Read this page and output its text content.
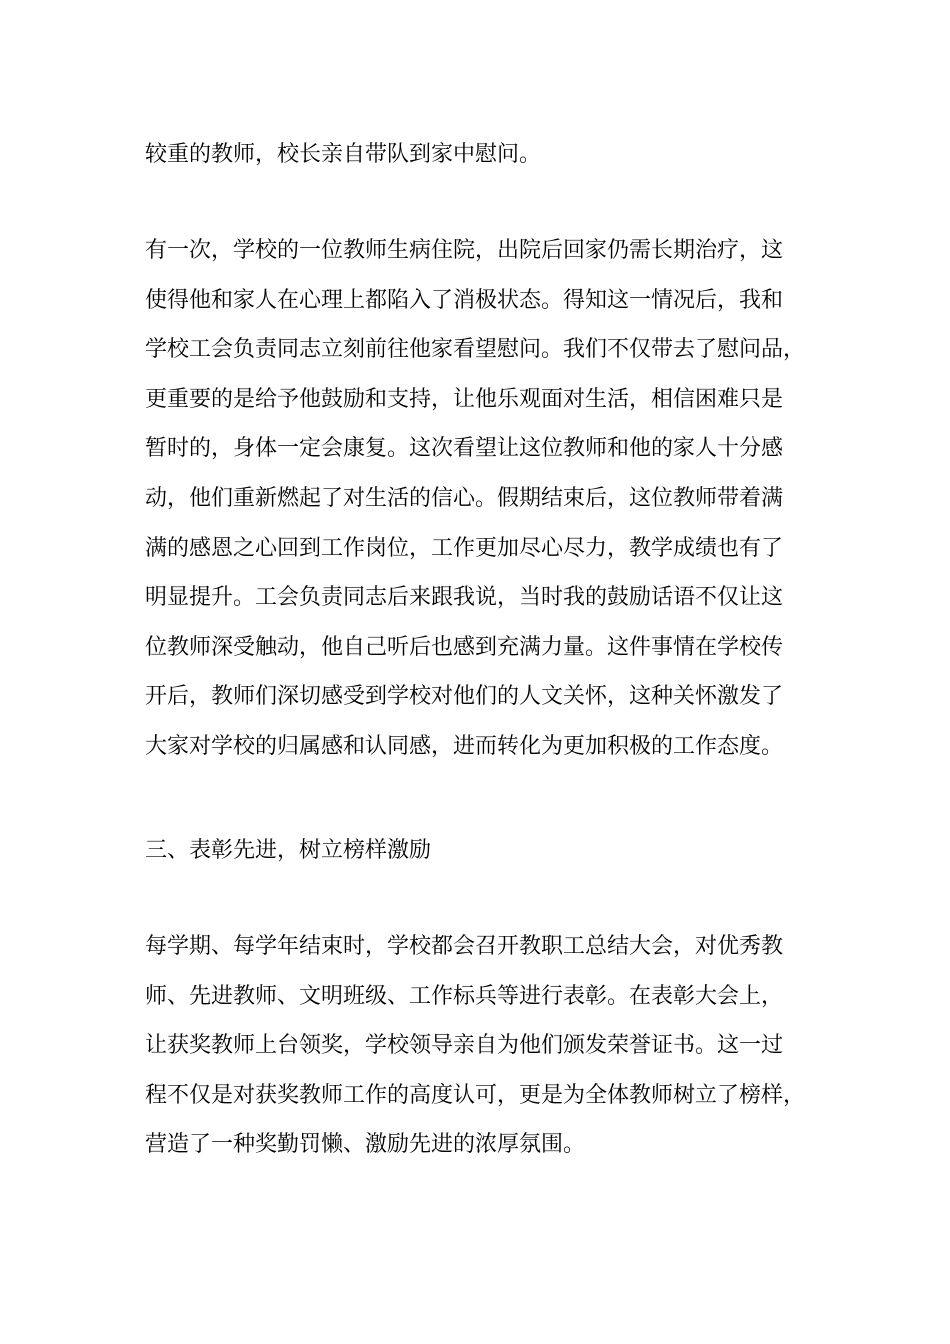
较重的教师，校长亲自带队到家中慰问。

有一次，学校的一位教师生病住院，出院后回家仍需长期治疗，这
使得他和家人在心理上都陷入了消极状态。得知这一情况后，我和
学校工会负责同志立刻前往他家看望慰问。我们不仅带去了慰问品，
更重要的是给予他鼓励和支持，让他乐观面对生活，相信困难只是
暂时的，身体一定会康复。这次看望让这位教师和他的家人十分感
动，他们重新燃起了对生活的信心。假期结束后，这位教师带着满
满的感恩之心回到工作岗位，工作更加尽心尽力，教学成绩也有了
明显提升。工会负责同志后来跟我说，当时我的鼓励话语不仅让这
位教师深受触动，他自己听后也感到充满力量。这件事情在学校传
开后，教师们深切感受到学校对他们的人文关怀，这种关怀激发了
大家对学校的归属感和认同感，进而转化为更加积极的工作态度。

三、表彰先进，树立榜样激励

每学期、每学年结束时，学校都会召开教职工总结大会，对优秀教
师、先进教师、文明班级、工作标兵等进行表彰。在表彰大会上，
让获奖教师上台领奖，学校领导亲自为他们颁发荣誉证书。这一过
程不仅是对获奖教师工作的高度认可，更是为全体教师树立了榜样，
营造了一种奖勤罚懒、激励先进的浓厚氛围。
